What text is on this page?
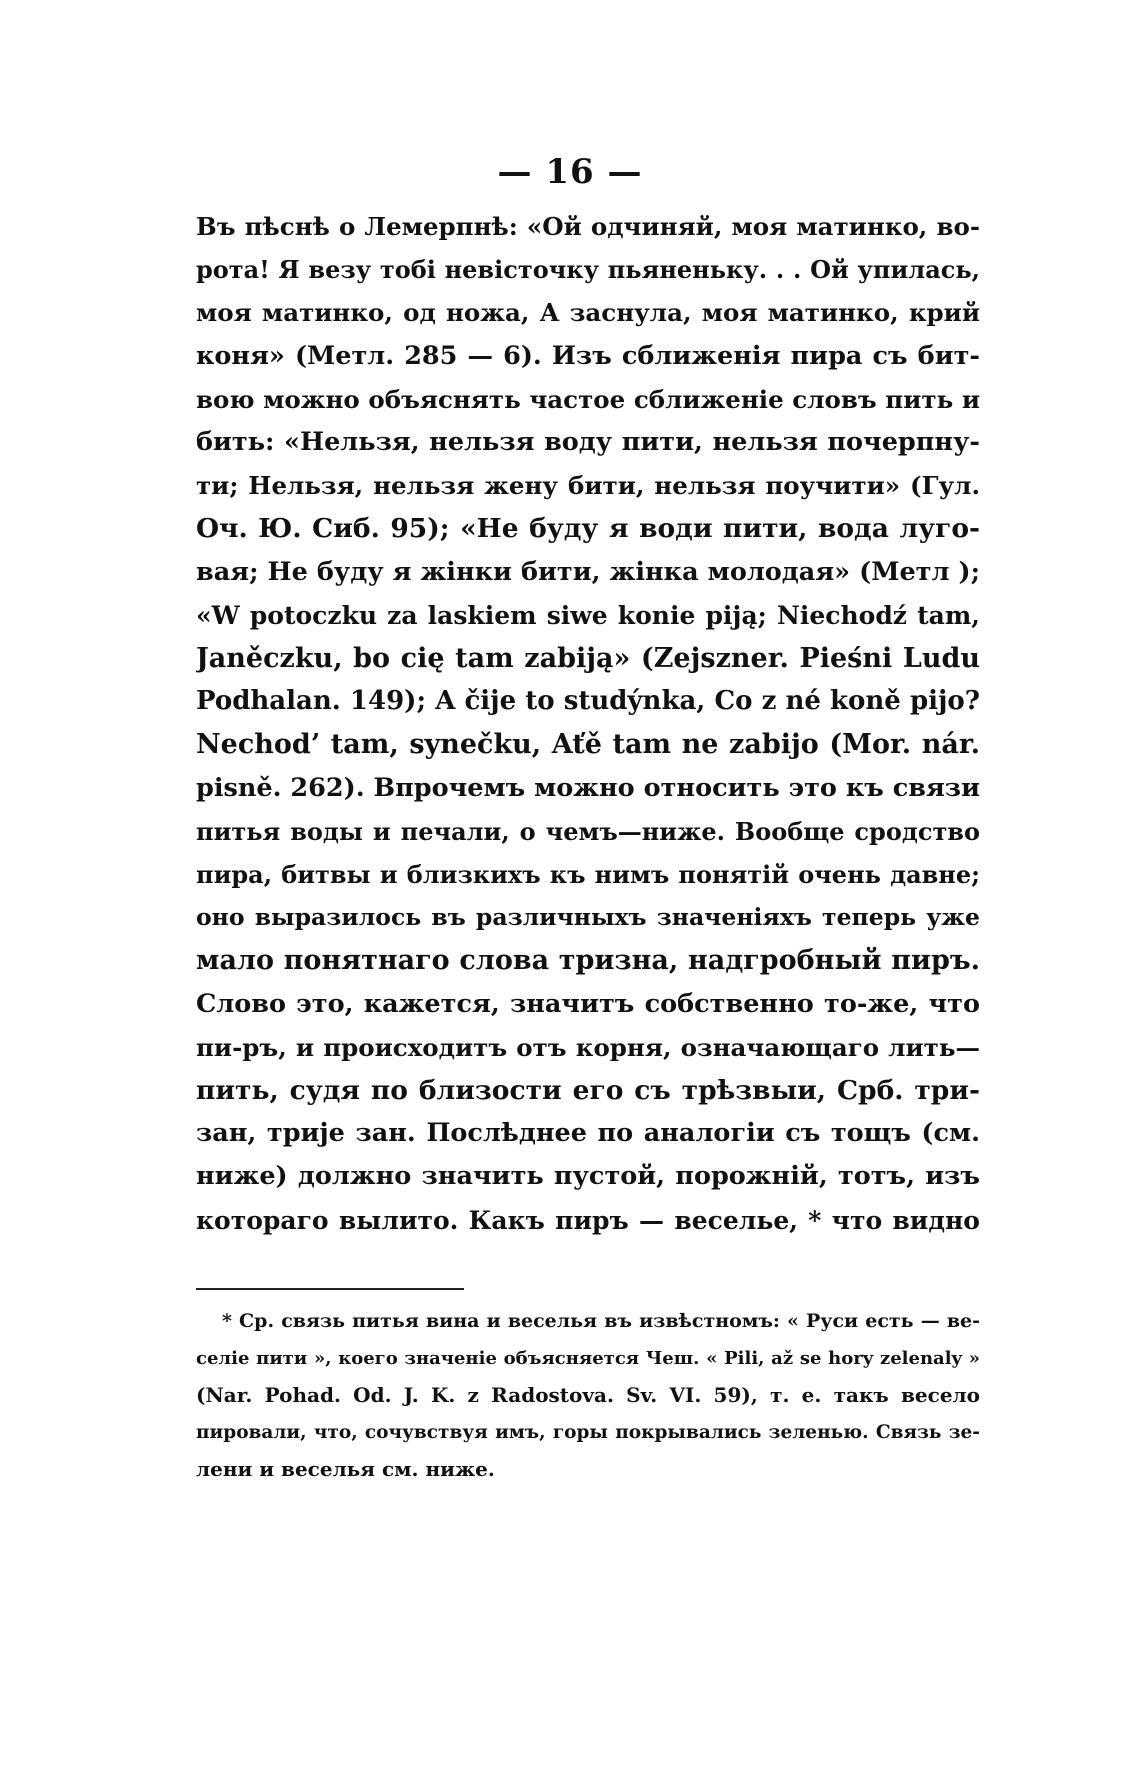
— 16 —
Въ пѣснѣ о Лемерпнѣ: «Ой одчиняй, моя матинко, во-
рота! Я везу тобі невісточку пьяненьку. . . Ой упилась,
моя матинко, од ножа, А заснула, моя матинко, крий
коня» (Метл. 285 — 6). Изъ сближенія пира съ бит-
вою можно объяснять частое сближеніе словъ пить и
бить: «Нельзя, нельзя воду пити, нельзя почерпну-
ти; Нельзя, нельзя жену бити, нельзя поучити» (Гул.
Оч. Ю. Сиб. 95); «Не буду я води пити, вода луго-
вая; Не буду я жінки бити, жінка молодая» (Метл );
«W potoczku za laskiem siwe konie piją; Niechodź tam,
Janěczku, bo cię tam zabiją» (Zejszner. Pieśni Ludu
Podhalan. 149); A čije to studýnka, Co z né koně pijo?
Nechod’ tam, synečku, Aťě tam ne zabijo (Mor. nár.
pisně. 262). Впрочемъ можно относить это къ связи
питья воды и печали, о чемъ—ниже. Вообще сродство
пира, битвы и близкихъ къ нимъ понятій очень давне;
оно выразилось въ различныхъ значеніяхъ теперь уже
мало понятнаго слова тризна, надгробный пиръ.
Слово это, кажется, значитъ собственно то-же, что
пи-ръ, и происходитъ отъ корня, означающаго лить—
пить, судя по близости его съ трѣзвыи, Срб. три-
зан, трије зан. Послѣднее по аналогіи съ тощъ (см.
ниже) должно значить пустой, порожній, тотъ, изъ
котораго вылито. Какъ пиръ — веселье, * что видно
* Ср. связь питья вина и веселья въ извѣстномъ: « Руси есть — ве-
селіе пити », коего значеніе объясняется Чеш. « Pili, až se hory zelenaly »
(Nar. Pohad. Od. J. K. z Radostova. Sv. VI. 59), т. е. такъ весело
пировали, что, сочувствуя имъ, горы покрывались зеленью. Связь зе-
лени и веселья см. ниже.
